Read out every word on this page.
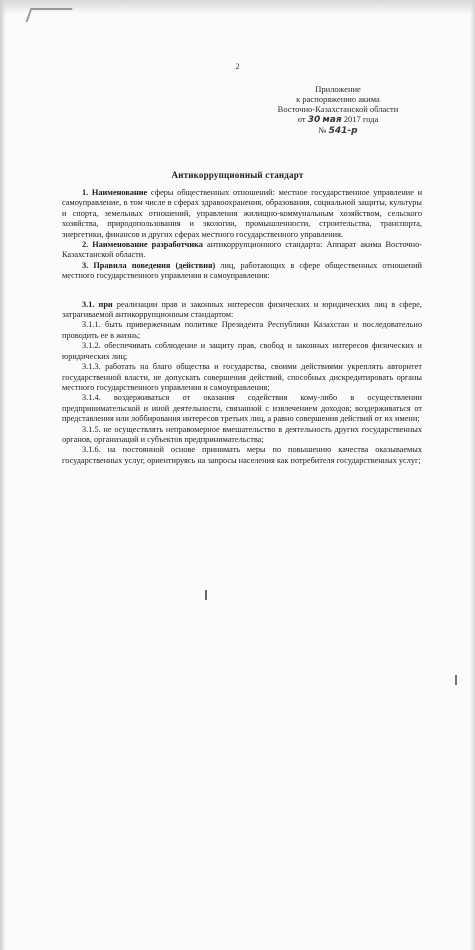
2
Приложение
к распоряжению акима
Восточно-Казахстанской области
от 30 мая 2017 года
№ 541-р
Антикоррупционный стандарт

1. Наименование сферы общественных отношений: местное государственное управление и самоуправление, в том числе в сферах здравоохранения, образования, социальной защиты, культуры и спорта, земельных отношений, управления жилищно-коммунальным хозяйством, сельского хозяйства, природопользования и экологии, промышленности, строительства, транспорта, энергетики, финансов и других сферах местного государственного управления.

2. Наименование разработчика антикоррупционного стандарта: Аппарат акима Восточно-Казахстанской области.

3. Правила поведения (действия) лиц, работающих в сфере общественных отношений местного государственного управления и самоуправления:

3.1. при реализации прав и законных интересов физических и юридических лиц в сфере, затрагиваемой антикоррупционным стандартом:

3.1.1. быть приверженным политике Президента Республики Казахстан и последовательно проводить ее в жизнь;

3.1.2. обеспечивать соблюдение и защиту прав, свобод и законных интересов физических и юридических лиц;

3.1.3. работать на благо общества и государства, своими действиями укреплять авторитет государственной власти, не допускать совершения действий, способных дискредитировать органы местного государственного управления и самоуправления;

3.1.4. воздерживаться от оказания содействия кому-либо в осуществлении предпринимательской и иной деятельности, связанной с извлечением доходов; воздерживаться от представления или лоббирования интересов третьих лиц, а равно совершения действий от их имени;

3.1.5. не осуществлять неправомерное вмешательство в деятельность других государственных органов, организаций и субъектов предпринимательства;

3.1.6. на постоянной основе принимать меры по повышению качества оказываемых государственных услуг, ориентируясь на запросы населения как потребителя государственных услуг;
